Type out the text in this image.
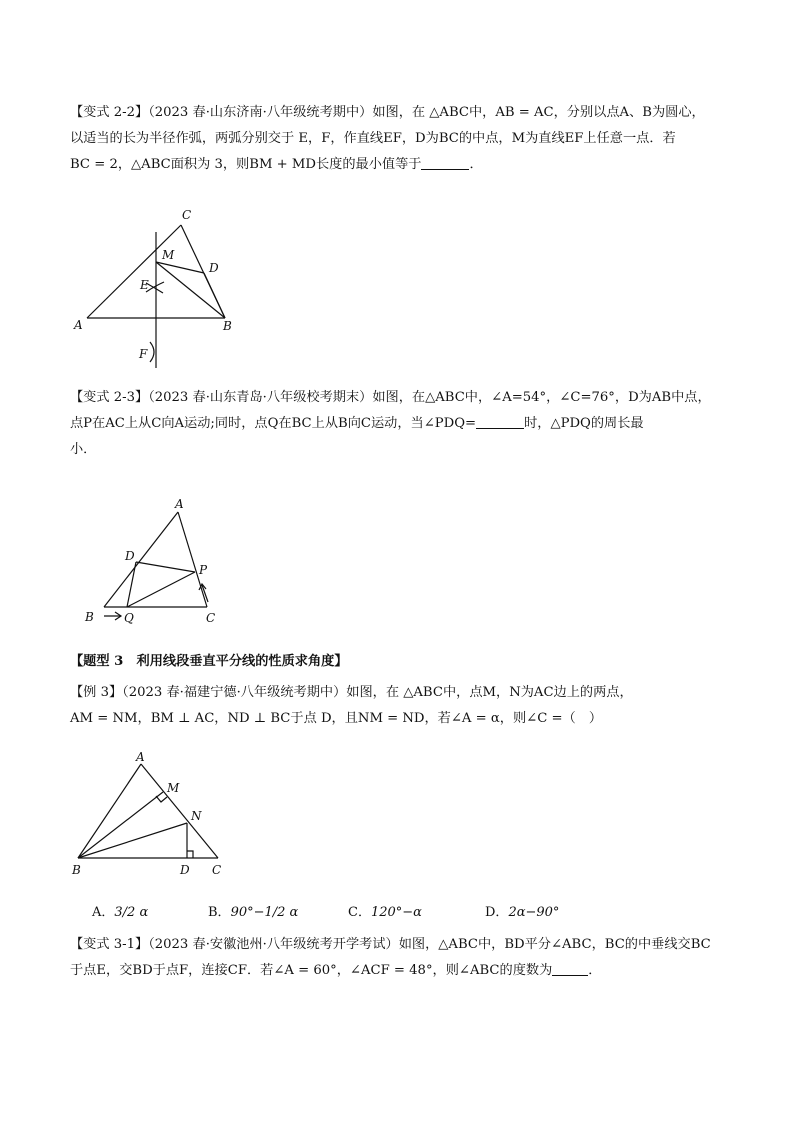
【变式 2-2】（2023 春·山东济南·八年级统考期中）如图，在 △ABC中，AB = AC，分别以点A、B为圆心，
以适当的长为半径作弧，两弧分别交于 E，F，作直线EF，D为BC的中点，M为直线EF上任意一点．若
BC = 2，△ABC面积为 3，则BM + MD长度的最小值等于	．
C
M
D
E
A	B
F
【变式 2-3】（2023 春·山东青岛·八年级校考期末）如图，在△ABC中，∠A=54°，∠C=76°，D为AB中点，
点P在AC上从C向A运动;同时，点Q在BC上从B向C运动，当∠PDQ=	时，△PDQ的周长最
小．
A
D
P
B	Q	C
【题型 3　利用线段垂直平分线的性质求角度】
【例 3】（2023 春·福建宁德·八年级统考期中）如图，在 △ABC中，点M，N为AC边上的两点，
AM = NM，BM ⊥ AC，ND ⊥ BC于点 D，且NM = ND，若∠A = α，则∠C =（　）
A
M
N
B	D C
A．3/2 α	B．90°−1/2 α	C．120°−α	D．2α−90°
【变式 3-1】（2023 春·安徽池州·八年级统考开学考试）如图，△ABC中，BD平分∠ABC，BC的中垂线交BC
于点E，交BD于点F，连接CF．若∠A = 60°，∠ACF = 48°，则∠ABC的度数为	．
